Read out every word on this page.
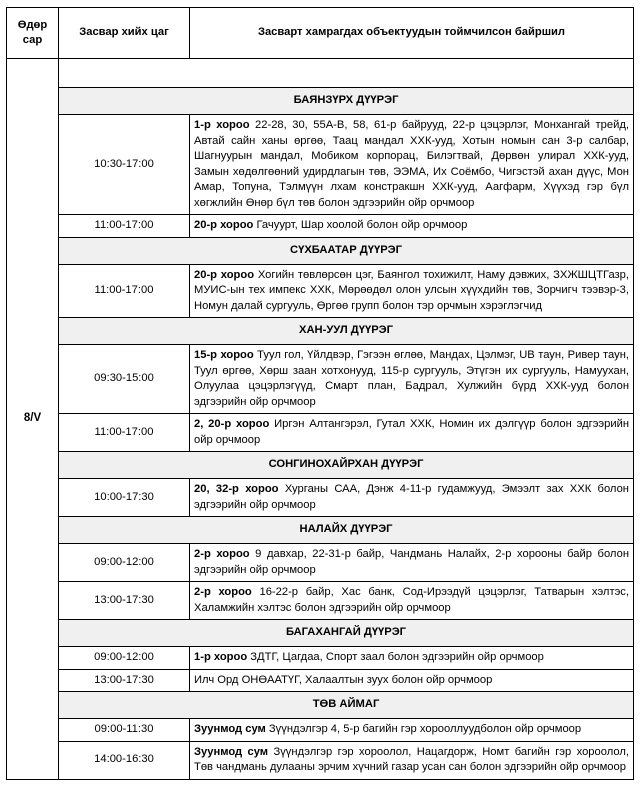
Өдөр сар	Засвар хийх цаг	Засварт хамрагдах объектуудын тоймчилсон байршил
8/V		
	БАЯНЗҮРХ ДҮҮРЭГ	
	10:30-17:00	1-р хороо 22-28, 30, 55А-В, 58, 61-р байрууд, 22-р цэцэрлэг, Монхангай трейд, Автай сайн ханы өргөө, Таац мандал ХХК-ууд, Хотын номын сан 3-р салбар, Шагнуурын мандал, Мобиком корпорац, Билэгтвай, Дөрвөн улирал ХХК-ууд, Замын хөдөлгөөний удирдлагын төв, ЭЭМА, Их Соёмбо, Чигэстэй ахан дүүс, Мон Амар, Топуна, Тэлмүүн лхам констракшн ХХК-ууд, Аагфарм, Хүүхэд гэр бүл хөгжлийн Өнөр бүл төв болон эдгээрийн ойр орчмоор
	11:00-17:00	20-р хороо Гачуурт, Шар хоолой болон ойр орчмоор
	СҮХБААТАР ДҮҮРЭГ	
	11:00-17:00	20-р хороо Хогийн төвлөрсөн цэг, Баянгол тохижилт, Наму дэвжих, ЗХЖШЦТГазр, МУИС-ын тех импекс ХХК, Мөрөөдөл олон улсын хүүхдийн төв, Зорчигч тээвэр-3, Номун далай сургууль, Өргөө групп болон тэр орчмын хэрэглэгчид
	ХАН-УУЛ ДҮҮРЭГ	
	09:30-15:00	15-р хороо Туул гол, Үйлдвэр, Гэгээн өглөө, Мандах, Цэлмэг, UB таун, Ривер таун, Туул өргөө, Хөрш заан хотхонууд, 115-р сургууль, Этүгэн их сургууль, Намуухан, Олуулаа цэцэрлэгүүд, Смарт план, Бадрал, Хулжийн бүрд ХХК-ууд болон эдгээрийн ойр орчмоор
	11:00-17:00	2, 20-р хороо Иргэн Алтангэрэл, Гутал ХХК, Номин их дэлгүүр болон эдгээрийн ойр орчмоор
	СОНГИНОХАЙРХАН ДҮҮРЭГ	
	10:00-17:30	20, 32-р хороо Хурганы САА, Дэнж 4-11-р гудамжууд, Эмээлт зах ХХК болон эдгээрийн ойр орчмоор
	НАЛАЙХ ДҮҮРЭГ	
	09:00-12:00	2-р хороо 9 давхар, 22-31-р байр, Чандмань Налайх, 2-р хорооны байр болон эдгээрийн ойр орчмоор
	13:00-17:30	2-р хороо 16-22-р байр, Хас банк, Сод-Ирээдүй цэцэрлэг, Татварын хэлтэс, Халамжийн хэлтэс болон эдгээрийн ойр орчмоор
	БАГАХАНГАЙ ДҮҮРЭГ	
	09:00-12:00	1-р хороо ЗДТГ, Цагдаа, Спорт заал болон эдгээрийн ойр орчмоор
	13:00-17:30	Илч Орд ОНӨААТҮГ, Халаалтын зуух болон ойр орчмоор
	ТӨВ АЙМАГ	
	09:00-11:30	Зуунмод сум Зүүндэлгэр 4, 5-р багийн гэр хорооллуудболон ойр орчмоор
	14:00-16:30	Зуунмод сум Зүүндэлгэр гэр хороолол, Нацагдорж, Номт багийн гэр хороолол, Төв чандмань дулааны эрчим хүчний газар усан сан болон эдгээрийн ойр орчмоор
